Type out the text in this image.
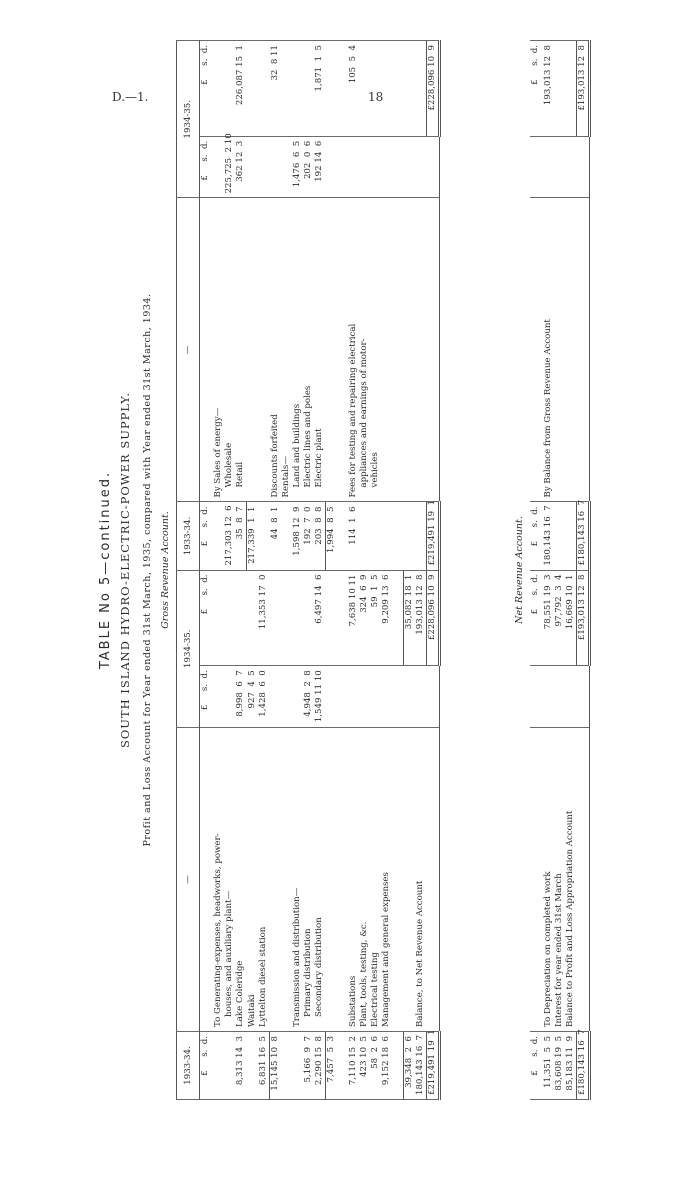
D.—1.	18
TABLE No 5—continued. SOUTH ISLAND HYDRO-ELECTRIC-POWER SUPPLY. Profit and Loss Account for Year ended 31st March, 1935, compared with Year ended 31st March, 1934. Gross Revenue Account.
1933-34.	—	1934-35.		1933-34.	—	1934-35.	
£     s.  d.		£     s.  d.	£     s.  d.	£     s.  d.		£     s.  d.	£     s.  d.
	To Generating-expenses, headworks, power-				By Sales of energy—		
	houses, and auxiliary plant—			217,303 12  6	Wholesale	225,725  2 10	
8,313 14  3	Lake Coleridge	8,998  6  7		35  8  7	Retail	362 12  3	226,087 15  1
	Waitaki	927  4  5		217,339  1  1			
6,831 16  5	Lyttelton diesel station	1,428  6  0	11,353 17  0				
15,145 10  8				44  8  1	Discounts forfeited		32  8 11
					Rentals—		
	Transmission and distribution—			1,598 12  9	Land and buildings	1,476  6  5	
5,166  9  7	Primary distribution	4,948  2  8		192  7  0	Electric lines and poles	202  0  6	
2,290 15  8	Secondary distribution	1,549 11 10	6,497 14  6	203  8  8	Electric plant	192 14  6	1,871  1  5
7,457  5  3				1,994  8  5			

7,110 15  2	Substations		7,638 10 11	114  1  6	Fees for testing and repairing electrical		105  5  4
423 10  5	Plant, tools, testing, &c.		324  6  9		appliances and earnings of motor-		
58  2  6	Electrical testing		59  1  5		vehicles		
9,152 18  6	Management and general expenses		9,209 13  6				

39,348  2  6			35,082 18  1				
180,143 16  7	Balance, to Net Revenue Account		193,013 12  8				
£219,491 19  1			£228,096 10  9	£219,491 19  1			£228,096 10  9
Net Revenue Account.
£     s.  d.			£     s.  d.	£     s.  d.			£     s.  d.
11,351  5  5	To Depreciation on completed work		78,551 19  3	180,143 16  7	By Balance from Gross Revenue Account		193,013 12  8
83,608 19  5	Interest for year ended 31st March		97,792  3  4				
85,183 11  9	Balance to Profit and Loss Appropriation Account		16,669 10  1				
£180,143 16  7			£193,013 12  8	£180,143 16  7			£193,013 12  8
